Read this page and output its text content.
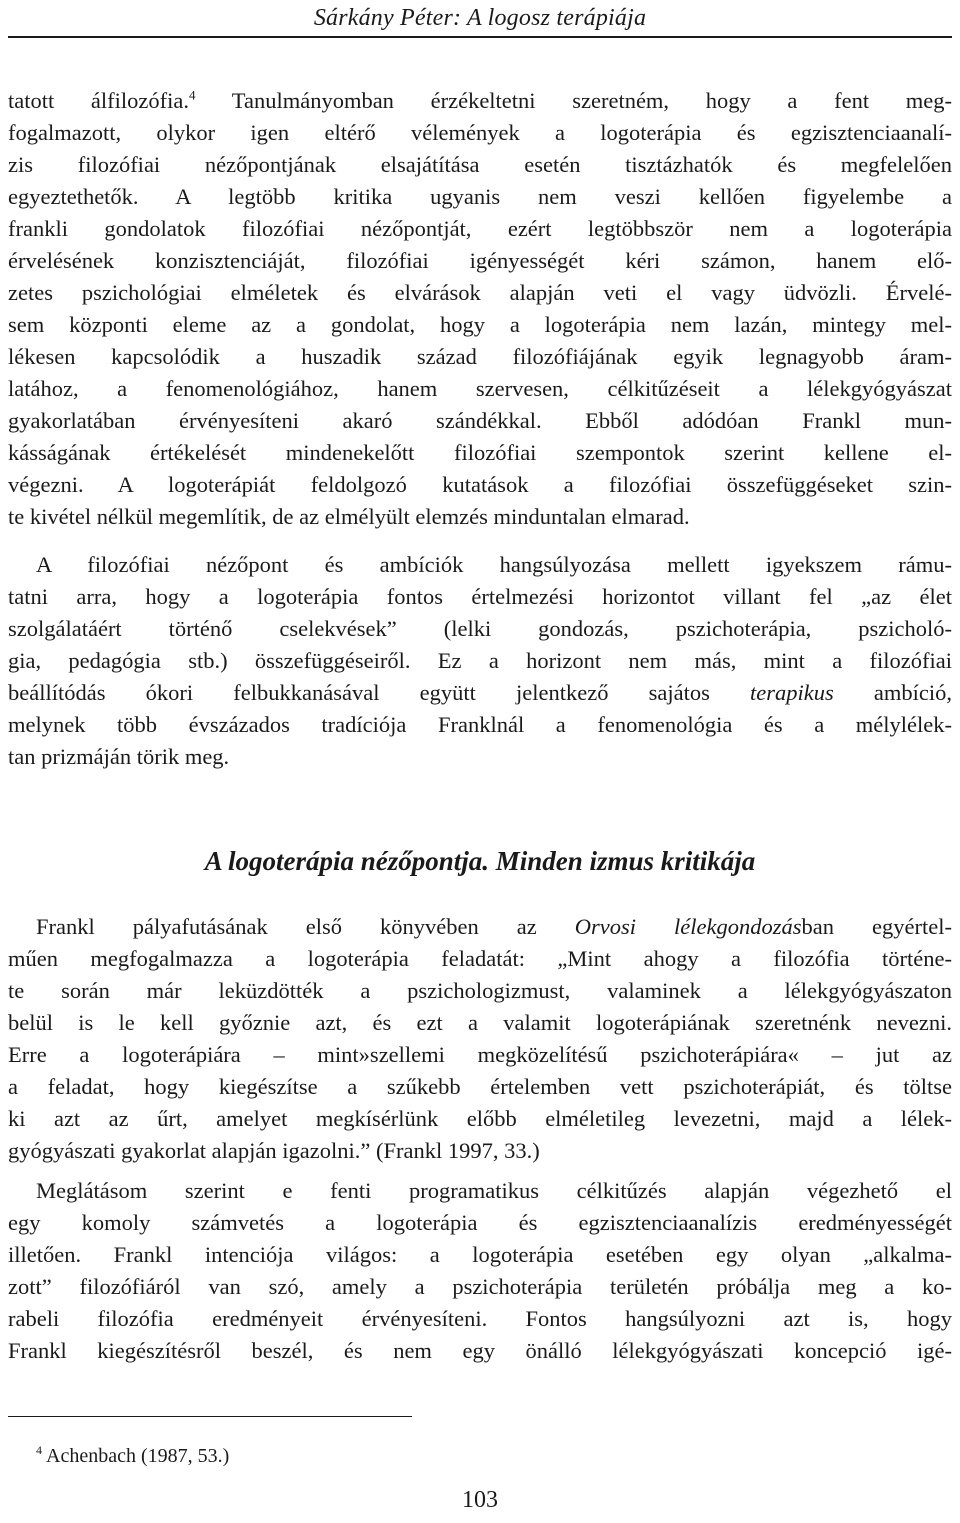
Sárkány Péter: A logosz terápiája
tatott álfilozófia.$^4$ Tanulmányomban érzékeltetni szeretném, hogy a fent meg-
fogalmazott, olykor igen eltérő vélemények a logoterápia és egzisztenciaanalí-
zis filozófiai nézőpontjának elsajátítása esetén tisztázhatók és megfelelően
egyeztethetők. A legtöbb kritika ugyanis nem veszi kellően figyelembe a
frankli gondolatok filozófiai nézőpontját, ezért legtöbbször nem a logoterápia
érvelésének konzisztenciáját, filozófiai igényességét kéri számon, hanem elő-
zetes pszichológiai elméletek és elvárások alapján veti el vagy üdvözli. Érvelé-
sem központi eleme az a gondolat, hogy a logoterápia nem lazán, mintegy mel-
lékesen kapcsolódik a huszadik század filozófiájának egyik legnagyobb áram-
latához, a fenomenológiához, hanem szervesen, célkitűzéseit a lélekgyógyászat
gyakorlatában érvényesíteni akaró szándékkal. Ebből adódóan Frankl mun-
kásságának értékelését mindenekelőtt filozófiai szempontok szerint kellene el-
végezni. A logoterápiát feldolgozó kutatások a filozófiai összefüggéseket szin-
te kivétel nélkül megemlítik, de az elmélyült elemzés minduntalan elmarad.
A filozófiai nézőpont és ambíciók hangsúlyozása mellett igyekszem rámu-
tatni arra, hogy a logoterápia fontos értelmezési horizontot villant fel „az élet
szolgálatáért történő cselekvések” (lelki gondozás, pszichoterápia, pszicholó-
gia, pedagógia stb.) összefüggéseiről. Ez a horizont nem más, mint a filozófiai
beállítódás ókori felbukkanásával együtt jelentkező sajátos terapikus ambíció,
melynek több évszázados tradíciója Franklnál a fenomenológia és a mélylélek-
tan prizmáján törik meg.
A logoterápia nézőpontja. Minden izmus kritikája
Frankl pályafutásának első könyvében az Orvosi lélekgondozásban egyértel-
műen megfogalmazza a logoterápia feladatát: „Mint ahogy a filozófia történe-
te során már leküzdötték a pszichologizmust, valaminek a lélekgyógyászaton
belül is le kell győznie azt, és ezt a valamit logoterápiának szeretnénk nevezni.
Erre a logoterápiára – mint»szellemi megközelítésű pszichoterápiára« – jut az
a feladat, hogy kiegészítse a szűkebb értelemben vett pszichoterápiát, és töltse
ki azt az űrt, amelyet megkísérlünk előbb elméletileg levezetni, majd a lélek-
gyógyászati gyakorlat alapján igazolni.” (Frankl 1997, 33.)
Meglátásom szerint e fenti programatikus célkitűzés alapján végezhető el
egy komoly számvetés a logoterápia és egzisztenciaanalízis eredményességét
illetően. Frankl intenciója világos: a logoterápia esetében egy olyan „alkalma-
zott” filozófiáról van szó, amely a pszichoterápia területén próbálja meg a ko-
rabeli filozófia eredményeit érvényesíteni. Fontos hangsúlyozni azt is, hogy
Frankl kiegészítésről beszél, és nem egy önálló lélekgyógyászati koncepció igé-
$^4$ Achenbach (1987, 53.)
103
